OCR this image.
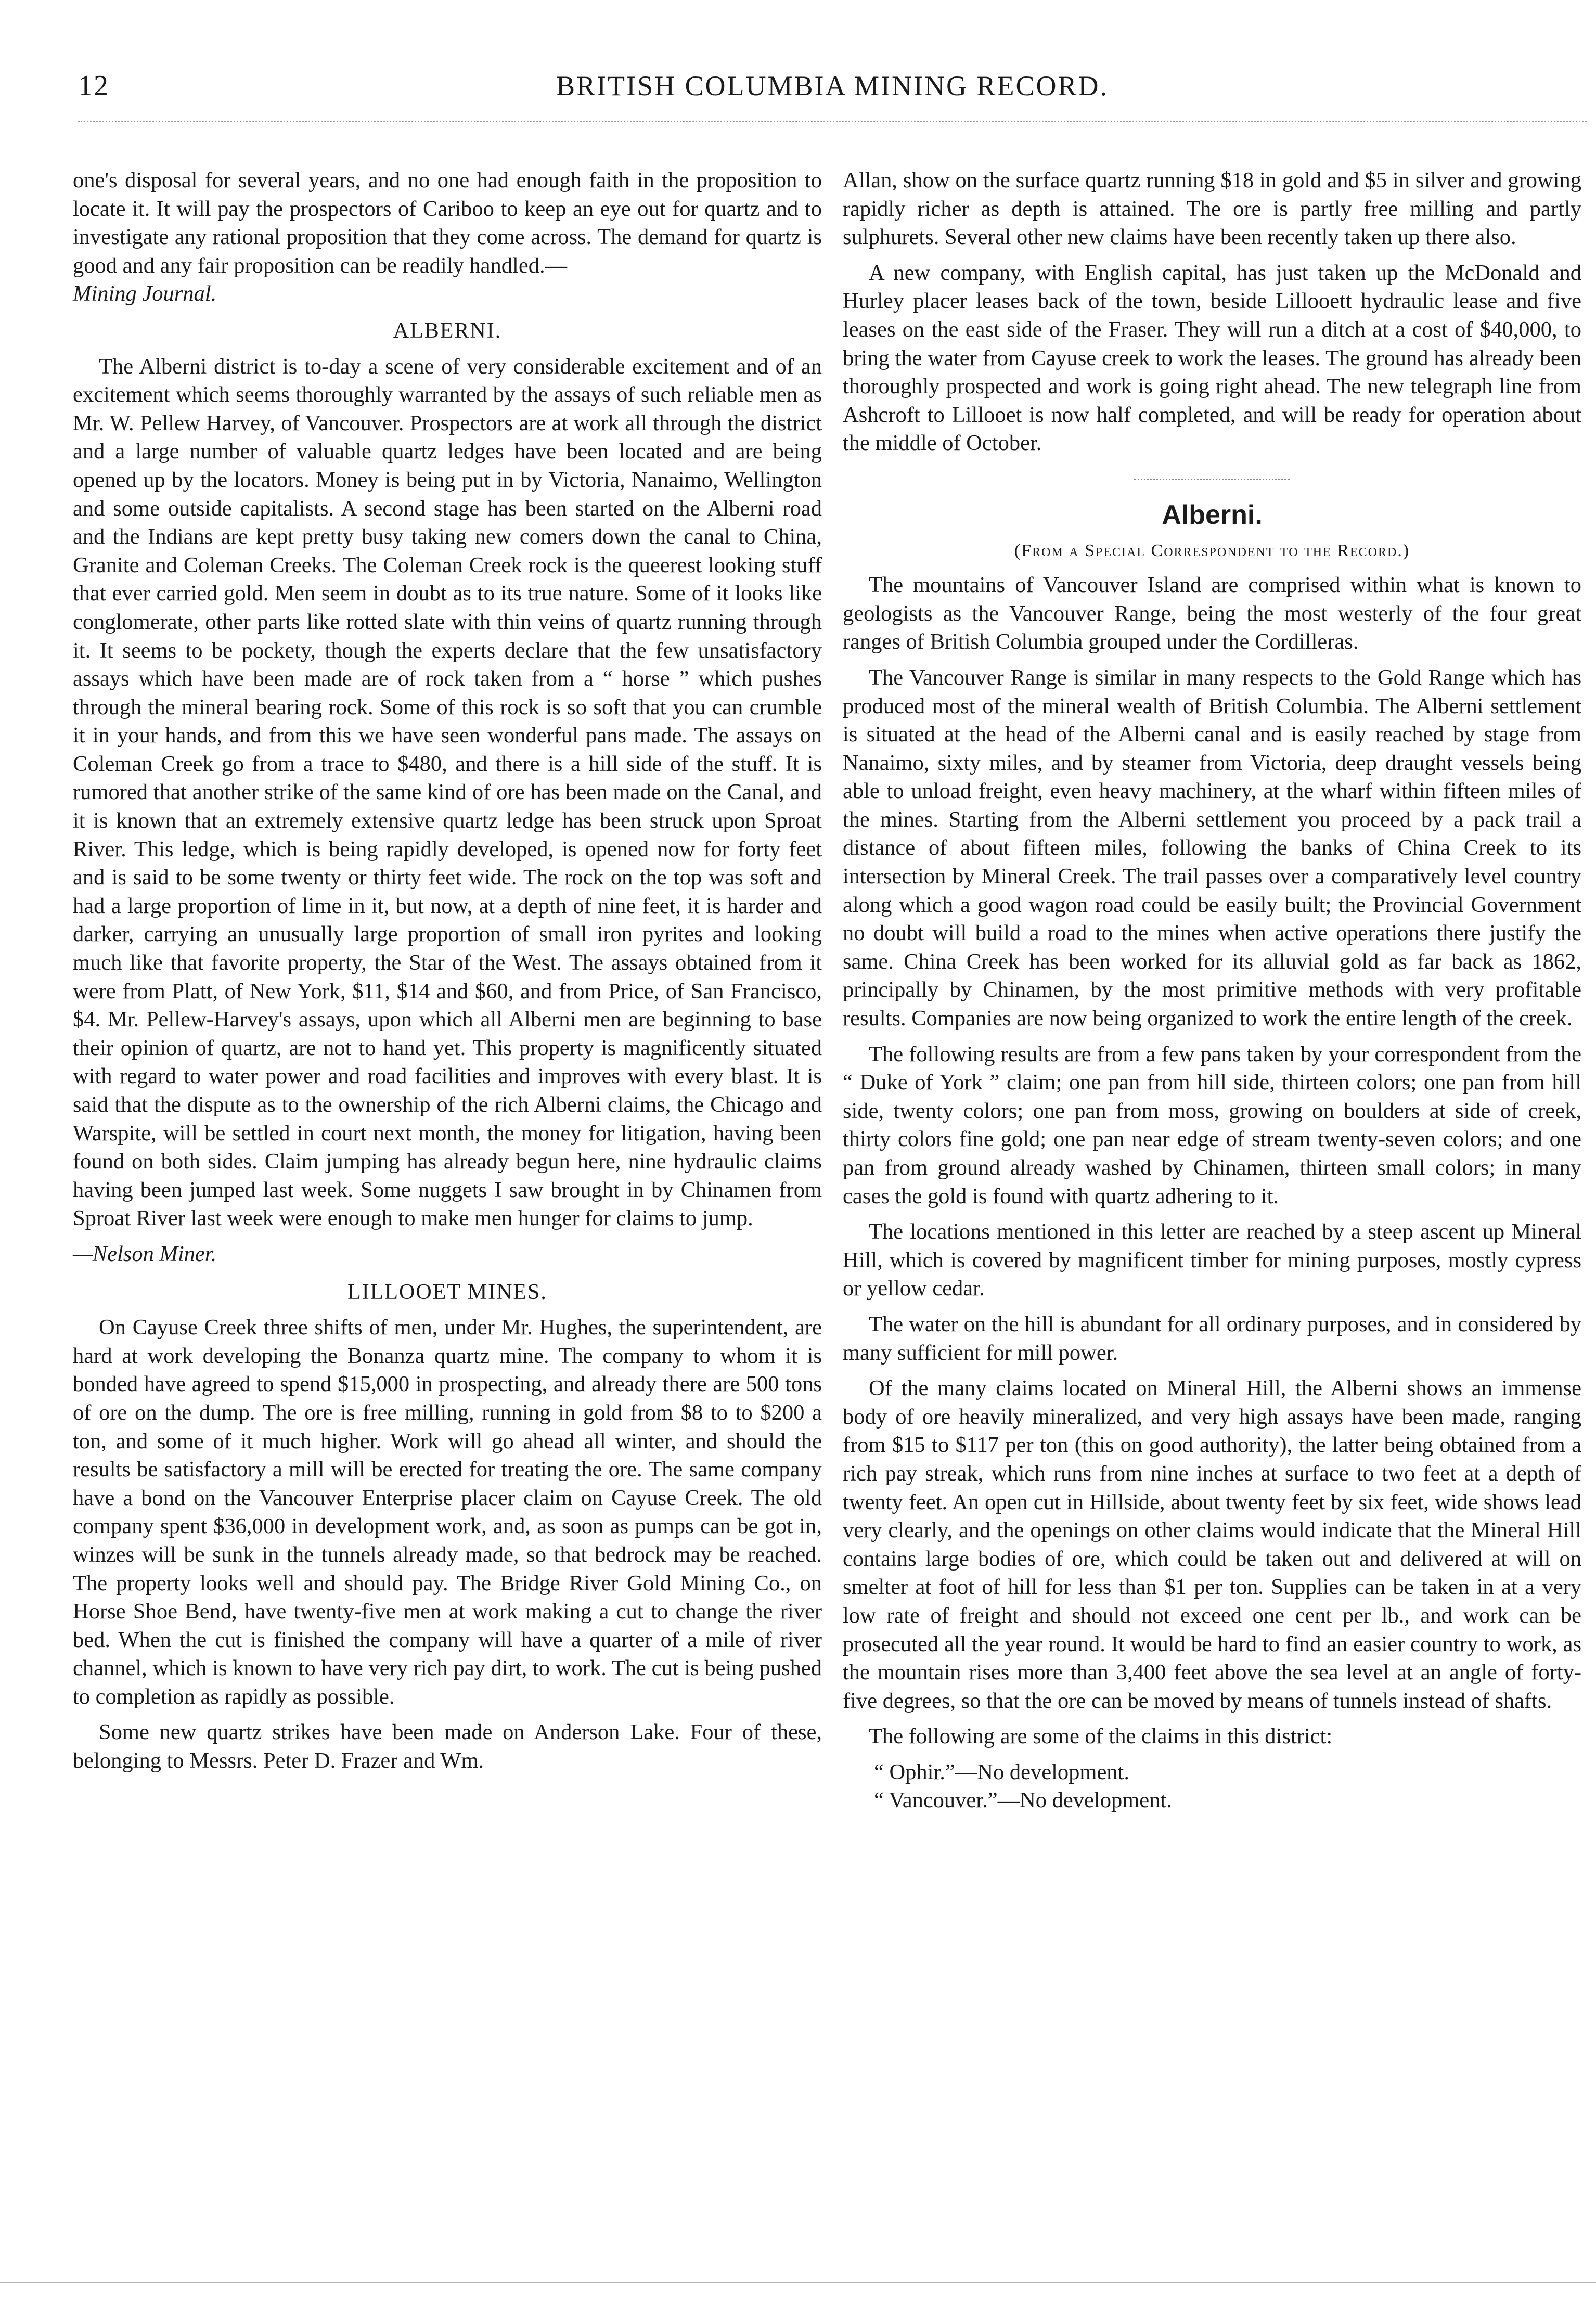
12	BRITISH COLUMBIA MINING RECORD.

one's disposal for several years, and no one had enough faith in the proposition to locate it. It will pay the prospectors of Cariboo to keep an eye out for quartz and to investigate any rational proposition that they come across. The demand for quartz is good and any fair proposition can be readily handled.—
Mining Journal.

ALBERNI.

The Alberni district is to-day a scene of very considerable excitement and of an excitement which seems thoroughly warranted by the assays of such reliable men as Mr. W. Pellew Harvey, of Vancouver. Prospectors are at work all through the district and a large number of valuable quartz ledges have been located and are being opened up by the locators. Money is being put in by Victoria, Nanaimo, Wellington and some outside capitalists. A second stage has been started on the Alberni road and the Indians are kept pretty busy taking new comers down the canal to China, Granite and Coleman Creeks. The Coleman Creek rock is the queerest looking stuff that ever carried gold. Men seem in doubt as to its true nature. Some of it looks like conglomerate, other parts like rotted slate with thin veins of quartz running through it. It seems to be pockety, though the experts declare that the few unsatisfactory assays which have been made are of rock taken from a “ horse ” which pushes through the mineral bearing rock. Some of this rock is so soft that you can crumble it in your hands, and from this we have seen wonderful pans made. The assays on Coleman Creek go from a trace to $480, and there is a hill side of the stuff. It is rumored that another strike of the same kind of ore has been made on the Canal, and it is known that an extremely extensive quartz ledge has been struck upon Sproat River. This ledge, which is being rapidly developed, is opened now for forty feet and is said to be some twenty or thirty feet wide. The rock on the top was soft and had a large proportion of lime in it, but now, at a depth of nine feet, it is harder and darker, carrying an unusually large proportion of small iron pyrites and looking much like that favorite property, the Star of the West. The assays obtained from it were from Platt, of New York, $11, $14 and $60, and from Price, of San Francisco, $4. Mr. Pellew-Harvey's assays, upon which all Alberni men are beginning to base their opinion of quartz, are not to hand yet. This property is magnificently situated with regard to water power and road facilities and improves with every blast. It is said that the dispute as to the ownership of the rich Alberni claims, the Chicago and Warspite, will be settled in court next month, the money for litigation, having been found on both sides. Claim jumping has already begun here, nine hydraulic claims having been jumped last week. Some nuggets I saw brought in by Chinamen from Sproat River last week were enough to make men hunger for claims to jump.

—Nelson Miner.

LILLOOET MINES.

On Cayuse Creek three shifts of men, under Mr. Hughes, the superintendent, are hard at work developing the Bonanza quartz mine. The company to whom it is bonded have agreed to spend $15,000 in prospecting, and already there are 500 tons of ore on the dump. The ore is free milling, running in gold from $8 to to $200 a ton, and some of it much higher. Work will go ahead all winter, and should the results be satisfactory a mill will be erected for treating the ore. The same company have a bond on the Vancouver Enterprise placer claim on Cayuse Creek. The old company spent $36,000 in development work, and, as soon as pumps can be got in, winzes will be sunk in the tunnels already made, so that bedrock may be reached. The property looks well and should pay. The Bridge River Gold Mining Co., on Horse Shoe Bend, have twenty-five men at work making a cut to change the river bed. When the cut is finished the company will have a quarter of a mile of river channel, which is known to have very rich pay dirt, to work. The cut is being pushed to completion as rapidly as possible.

Some new quartz strikes have been made on Anderson Lake. Four of these, belonging to Messrs. Peter D. Frazer and Wm.

Allan, show on the surface quartz running $18 in gold and $5 in silver and growing rapidly richer as depth is attained. The ore is partly free milling and partly sulphurets. Several other new claims have been recently taken up there also.

A new company, with English capital, has just taken up the McDonald and Hurley placer leases back of the town, beside Lillooett hydraulic lease and five leases on the east side of the Fraser. They will run a ditch at a cost of $40,000, to bring the water from Cayuse creek to work the leases. The ground has already been thoroughly prospected and work is going right ahead. The new telegraph line from Ashcroft to Lillooet is now half completed, and will be ready for operation about the middle of October.

Alberni.
(From a Special Correspondent to the Record.)

The mountains of Vancouver Island are comprised within what is known to geologists as the Vancouver Range, being the most westerly of the four great ranges of British Columbia grouped under the Cordilleras.

The Vancouver Range is similar in many respects to the Gold Range which has produced most of the mineral wealth of British Columbia. The Alberni settlement is situated at the head of the Alberni canal and is easily reached by stage from Nanaimo, sixty miles, and by steamer from Victoria, deep draught vessels being able to unload freight, even heavy machinery, at the wharf within fifteen miles of the mines. Starting from the Alberni settlement you proceed by a pack trail a distance of about fifteen miles, following the banks of China Creek to its intersection by Mineral Creek. The trail passes over a comparatively level country along which a good wagon road could be easily built; the Provincial Government no doubt will build a road to the mines when active operations there justify the same. China Creek has been worked for its alluvial gold as far back as 1862, principally by Chinamen, by the most primitive methods with very profitable results. Companies are now being organized to work the entire length of the creek.

The following results are from a few pans taken by your correspondent from the “ Duke of York ” claim; one pan from hill side, thirteen colors; one pan from hill side, twenty colors; one pan from moss, growing on boulders at side of creek, thirty colors fine gold; one pan near edge of stream twenty-seven colors; and one pan from ground already washed by Chinamen, thirteen small colors; in many cases the gold is found with quartz adhering to it.

The locations mentioned in this letter are reached by a steep ascent up Mineral Hill, which is covered by magnificent timber for mining purposes, mostly cypress or yellow cedar.

The water on the hill is abundant for all ordinary purposes, and in considered by many sufficient for mill power.

Of the many claims located on Mineral Hill, the Alberni shows an immense body of ore heavily mineralized, and very high assays have been made, ranging from $15 to $117 per ton (this on good authority), the latter being obtained from a rich pay streak, which runs from nine inches at surface to two feet at a depth of twenty feet. An open cut in Hillside, about twenty feet by six feet, wide shows lead very clearly, and the openings on other claims would indicate that the Mineral Hill contains large bodies of ore, which could be taken out and delivered at will on smelter at foot of hill for less than $1 per ton. Supplies can be taken in at a very low rate of freight and should not exceed one cent per lb., and work can be prosecuted all the year round. It would be hard to find an easier country to work, as the mountain rises more than 3,400 feet above the sea level at an angle of forty-five degrees, so that the ore can be moved by means of tunnels instead of shafts.

The following are some of the claims in this district:

“ Ophir.”—No development.

“ Vancouver.”—No development.
